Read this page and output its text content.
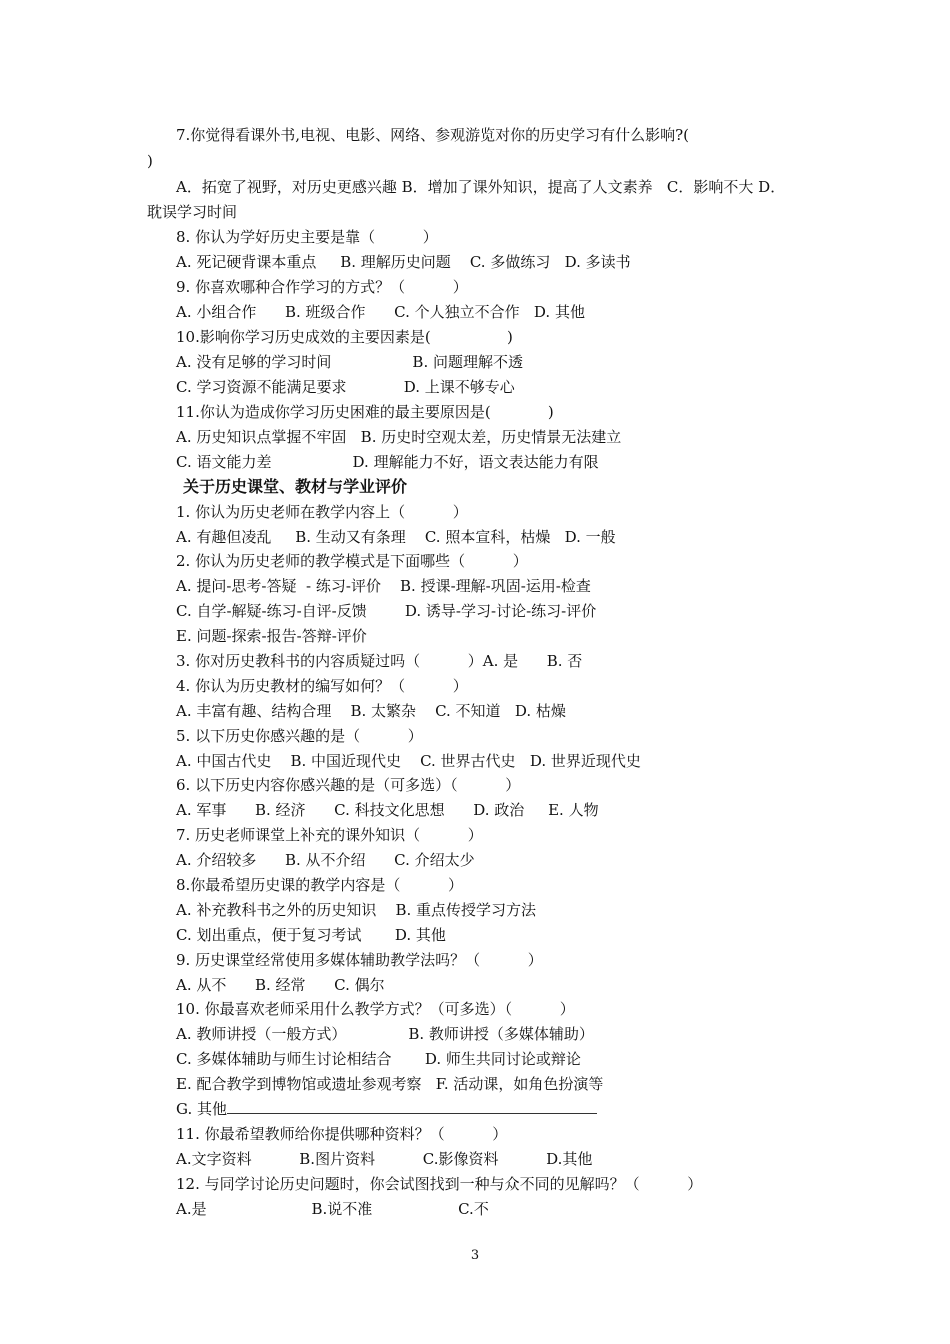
7.你觉得看课外书,电视、电影、网络、参观游览对你的历史学习有什么影响?(
)
A．拓宽了视野，对历史更感兴趣 B．增加了课外知识，提高了人文素养   C．影响不大 D．
耽误学习时间
8. 你认为学好历史主要是靠（          ）
A. 死记硬背课本重点     B. 理解历史问题    C. 多做练习   D. 多读书
9. 你喜欢哪种合作学习的方式？（          ）
A. 小组合作      B. 班级合作      C. 个人独立不合作   D. 其他
10.影响你学习历史成效的主要因素是(                )
A. 没有足够的学习时间                 B. 问题理解不透
C. 学习资源不能满足要求            D. 上课不够专心
11.你认为造成你学习历史困难的最主要原因是(            )
A. 历史知识点掌握不牢固   B. 历史时空观太差，历史情景无法建立
C. 语文能力差                 D. 理解能力不好，语文表达能力有限
关于历史课堂、教材与学业评价
1. 你认为历史老师在教学内容上（          ）
A. 有趣但凌乱     B. 生动又有条理    C. 照本宣科，枯燥   D. 一般
2. 你认为历史老师的教学模式是下面哪些（          ）
A. 提问-思考-答疑  - 练习-评价    B. 授课-理解-巩固-运用-检查
C. 自学-解疑-练习-自评-反馈        D. 诱导-学习-讨论-练习-评价
E. 问题-探索-报告-答辩-评价
3. 你对历史教科书的内容质疑过吗（          ）A. 是      B. 否
4. 你认为历史教材的编写如何？（          ）
A. 丰富有趣、结构合理    B. 太繁杂    C. 不知道   D. 枯燥
5. 以下历史你感兴趣的是（          ）
A. 中国古代史    B. 中国近现代史    C. 世界古代史   D. 世界近现代史
6. 以下历史内容你感兴趣的是（可多选）（          ）
A. 军事      B. 经济      C. 科技文化思想      D. 政治     E. 人物
7. 历史老师课堂上补充的课外知识（          ）
A. 介绍较多      B. 从不介绍      C. 介绍太少
8.你最希望历史课的教学内容是（          ）
A. 补充教科书之外的历史知识    B. 重点传授学习方法
C. 划出重点，便于复习考试       D. 其他
9. 历史课堂经常使用多媒体辅助教学法吗？（          ）
A. 从不      B. 经常      C. 偶尔
10. 你最喜欢老师采用什么教学方式？（可多选）（          ）
A. 教师讲授（一般方式）             B. 教师讲授（多媒体辅助）
C. 多媒体辅助与师生讨论相结合       D. 师生共同讨论或辩论
E. 配合教学到博物馆或遗址参观考察   F. 活动课，如角色扮演等
G. 其他
11. 你最希望教师给你提供哪种资料？（          ）
A.文字资料          B.图片资料          C.影像资料          D.其他
12. 与同学讨论历史问题时，你会试图找到一种与众不同的见解吗？（          ）
A.是                      B.说不准                  C.不
3
